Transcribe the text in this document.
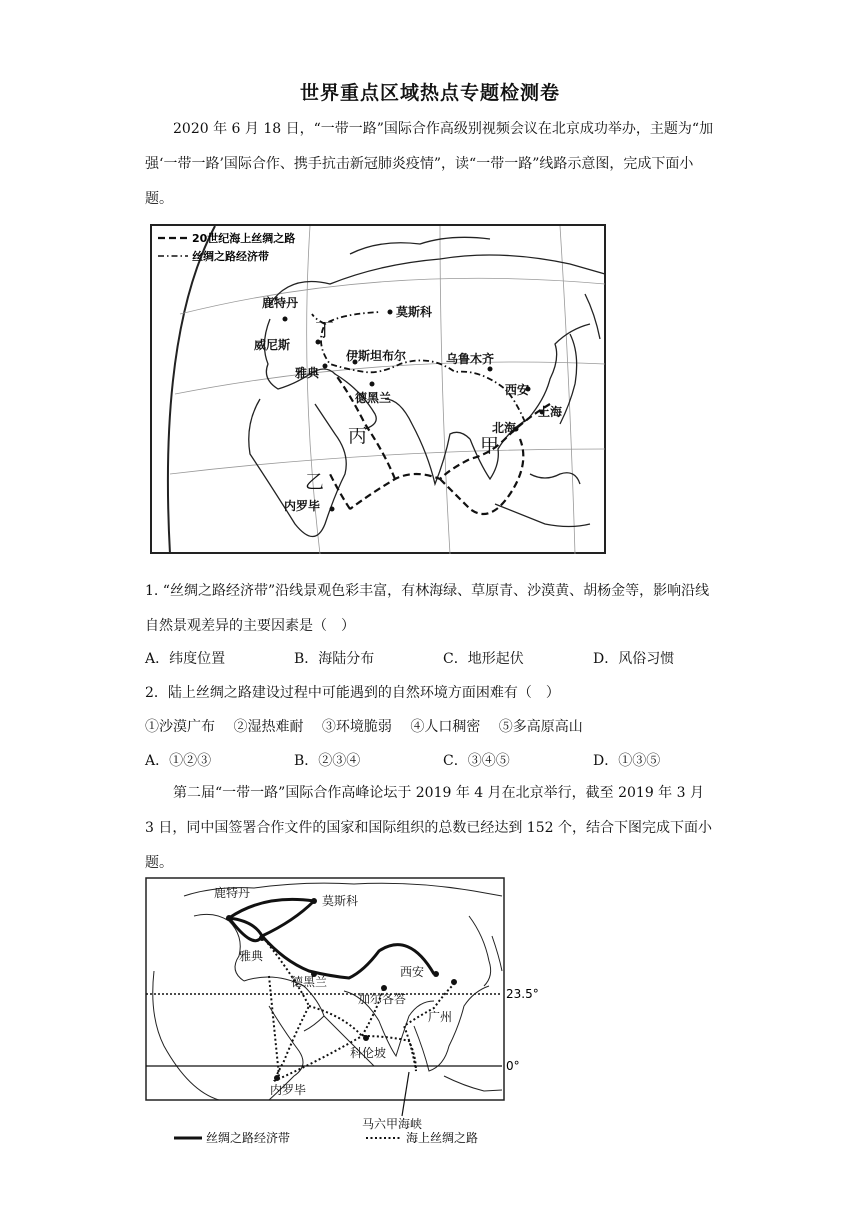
世界重点区域热点专题检测卷
2020 年 6 月 18 日，“一带一路”国际合作高级别视频会议在北京成功举办，主题为“加强‘一带一路’国际合作、携手抗击新冠肺炎疫情”，读“一带一路”线路示意图，完成下面小题。
20世纪海上丝绸之路
丝绸之路经济带
鹿特丹
莫斯科
丁
威尼斯
伊斯坦布尔	乌鲁木齐
雅典
西安
德黑兰
上海
北海
丙	甲
乙
内罗毕
1. “丝绸之路经济带”沿线景观色彩丰富，有林海绿、草原青、沙漠黄、胡杨金等，影响沿线自然景观差异的主要因素是（　）
A．纬度位置	B．海陆分布	C．地形起伏	D．风俗习惯
2．陆上丝绸之路建设过程中可能遇到的自然环境方面困难有（　）
①沙漠广布　 ②湿热难耐　 ③环境脆弱　 ④人口稠密　 ⑤多高原高山
A．①②③	B．②③④	C．③④⑤	D．①③⑤
第二届“一带一路”国际合作高峰论坛于 2019 年 4 月在北京举行，截至 2019 年 3 月 3 日，同中国签署合作文件的国家和国际组织的总数已经达到 152 个，结合下图完成下面小题。
鹿特丹
莫斯科
雅典
西安
德黑兰
加尔各答
广州
科伦坡
内罗毕
马六甲海峡
23.5°
0°
丝绸之路经济带	海上丝绸之路
